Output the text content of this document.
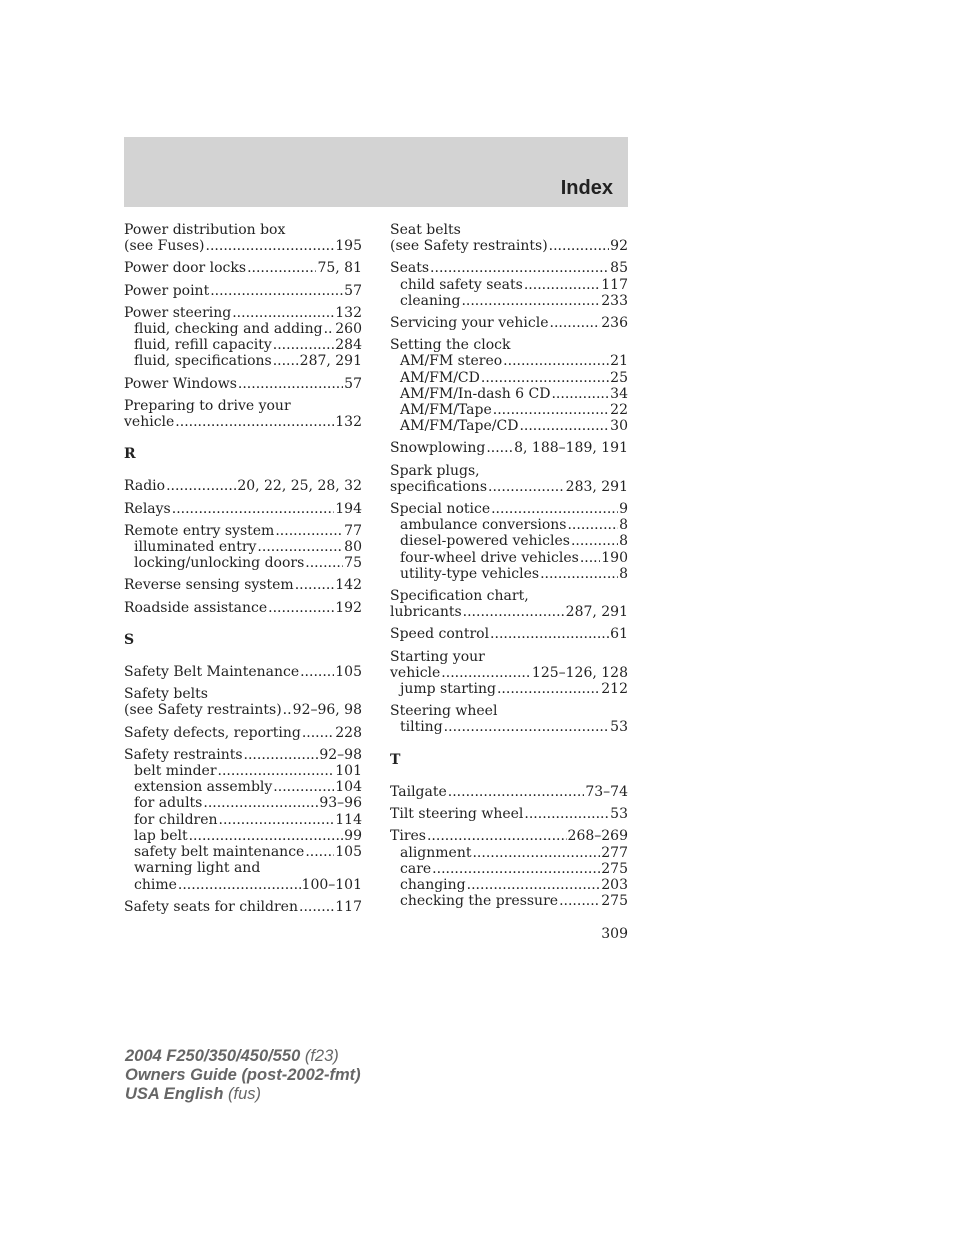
Index
Power distribution box
(see Fuses) .....	195
Power door locks .....	75, 81
Power point .....	57
Power steering .....	132
fluid, checking and adding ..... 260
fluid, refill capacity .....	284
fluid, specifications ..... 287, 291
Power Windows .....	57
Preparing to drive your
vehicle .....	132
R
Radio .....	20, 22, 25, 28, 32
Relays .....	194
Remote entry system .....	77
illuminated entry .....	80
locking/unlocking doors .....	75
Reverse sensing system .....	142
Roadside assistance .....	192
S
Safety Belt Maintenance .....	105
Safety belts
(see Safety restraints) ..... 92–96, 98
Safety defects, reporting ..... 228
Safety restraints .....	92–98
belt minder .....	101
extension assembly .....	104
for adults .....	93–96
for children .....	114
lap belt .....	99
safety belt maintenance ..... 105
warning light and
chime .....	100–101
Safety seats for children .....	117
Seat belts
(see Safety restraints) .....	92
Seats .....	85
child safety seats .....	117
cleaning .....	233
Servicing your vehicle .....	236
Setting the clock
AM/FM stereo .....	21
AM/FM/CD .....	25
AM/FM/In-dash 6 CD .....	34
AM/FM/Tape .....	22
AM/FM/Tape/CD .....	30
Snowplowing ..... 8, 188–189, 191
Spark plugs,
specifications .....	283, 291
Special notice .....	9
ambulance conversions .....	8
diesel-powered vehicles .....	8
four-wheel drive vehicles ..... 190
utility-type vehicles .....	8
Specification chart,
lubricants .....	287, 291
Speed control .....	61
Starting your
vehicle .....	125–126, 128
jump starting .....	212
Steering wheel
tilting .....	53
T
Tailgate .....	73–74
Tilt steering wheel .....	53
Tires .....	268–269
alignment .....	277
care .....	275
changing .....	203
checking the pressure .....	275
309
2004 F250/350/450/550 (f23)
Owners Guide (post-2002-fmt)
USA English (fus)
